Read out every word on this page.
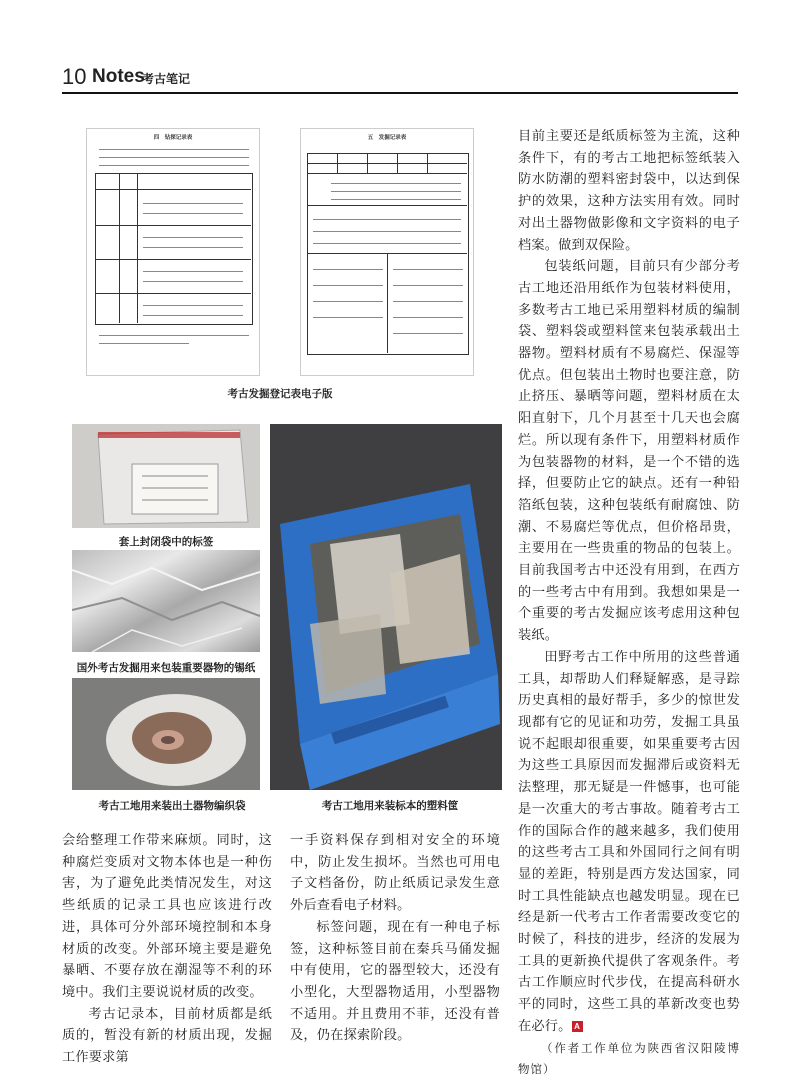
10 Notes
考古笔记
四　钻探记录表	五　发掘记录表
考古发掘登记表电子版
套上封闭袋中的标签
国外考古发掘用来包装重要器物的锡纸
考古工地用来装出土器物编织袋	考古工地用来装标本的塑料筐

目前主要还是纸质标签为主流，这种条件下，有的考古工地把标签纸装入防水防潮的塑料密封袋中，以达到保护的效果，这种方法实用有效。同时对出土器物做影像和文字资料的电子档案。做到双保险。

包装纸问题，目前只有少部分考古工地还沿用纸作为包装材料使用，多数考古工地已采用塑料材质的编制袋、塑料袋或塑料筐来包装承载出土器物。塑料材质有不易腐烂、保湿等优点。但包装出土物时也要注意，防止挤压、暴晒等问题，塑料材质在太阳直射下，几个月甚至十几天也会腐烂。所以现有条件下，用塑料材质作为包装器物的材料，是一个不错的选择，但要防止它的缺点。还有一种铅箔纸包装，这种包装纸有耐腐蚀、防潮、不易腐烂等优点，但价格昂贵，主要用在一些贵重的物品的包装上。目前我国考古中还没有用到，在西方的一些考古中有用到。我想如果是一个重要的考古发掘应该考虑用这种包装纸。

田野考古工作中所用的这些普通工具，却帮助人们释疑解惑，是寻踪历史真相的最好帮手，多少的惊世发现都有它的见证和功劳，发掘工具虽说不起眼却很重要，如果重要考古因为这些工具原因而发掘滞后或资料无法整理，那无疑是一件憾事，也可能是一次重大的考古事故。随着考古工作的国际合作的越来越多，我们使用的这些考古工具和外国同行之间有明显的差距，特别是西方发达国家，同时工具性能缺点也越发明显。现在已经是新一代考古工作者需要改变它的时候了，科技的进步，经济的发展为工具的更新换代提供了客观条件。考古工作顺应时代步伐，在提高科研水平的同时，这些工具的革新改变也势在必行。 A

（作者工作单位为陕西省汉阳陵博物馆）

会给整理工作带来麻烦。同时，这种腐烂变质对文物本体也是一种伤害，为了避免此类情况发生，对这些纸质的记录工具也应该进行改进，具体可分外部环境控制和本身材质的改变。外部环境主要是避免暴晒、不要存放在潮湿等不利的环境中。我们主要说说材质的改变。

考古记录本，目前材质都是纸质的，暂没有新的材质出现，发掘工作要求第

一手资料保存到相对安全的环境中，防止发生损坏。当然也可用电子文档备份，防止纸质记录发生意外后查看电子材料。

标签问题，现在有一种电子标签，这种标签目前在秦兵马俑发掘中有使用，它的器型较大，还没有小型化，大型器物适用，小型器物不适用。并且费用不菲，还没有普及，仍在探索阶段。
